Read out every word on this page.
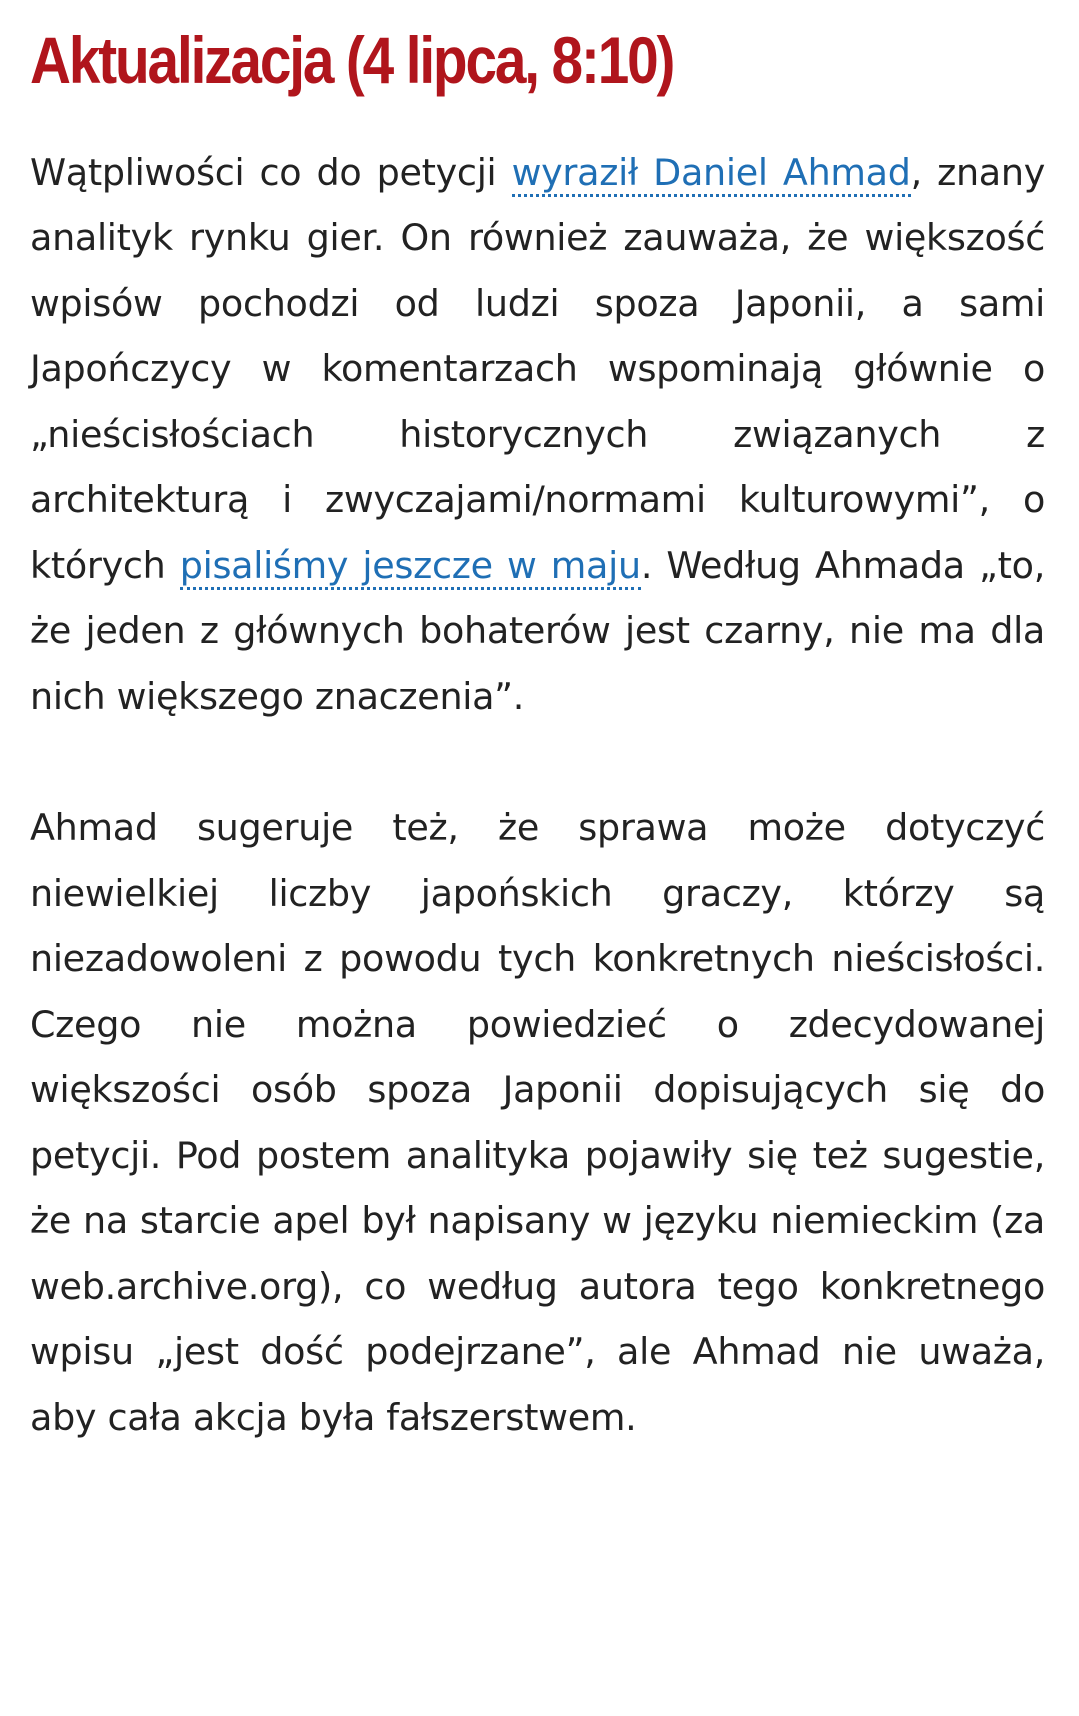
Aktualizacja (4 lipca, 8:10)

Wątpliwości co do petycji wyraził Daniel Ahmad, znany analityk rynku gier. On również zauważa, że większość wpisów pochodzi od ludzi spoza Japonii, a sami Japończycy w komentarzach wspominają głównie o „nieścisłościach historycznych związanych z architekturą i zwyczajami/normami kulturowymi”, o których pisaliśmy jeszcze w maju. Według Ahmada „to, że jeden z głównych bohaterów jest czarny, nie ma dla nich większego znaczenia”.

Ahmad sugeruje też, że sprawa może dotyczyć niewielkiej liczby japońskich graczy, którzy są niezadowoleni z powodu tych konkretnych nieścisłości. Czego nie można powiedzieć o zdecydowanej większości osób spoza Japonii dopisujących się do petycji. Pod postem analityka pojawiły się też sugestie, że na starcie apel był napisany w języku niemieckim (za web.archive.org), co według autora tego konkretnego wpisu „jest dość podejrzane”, ale Ahmad nie uważa, aby cała akcja była fałszerstwem.
